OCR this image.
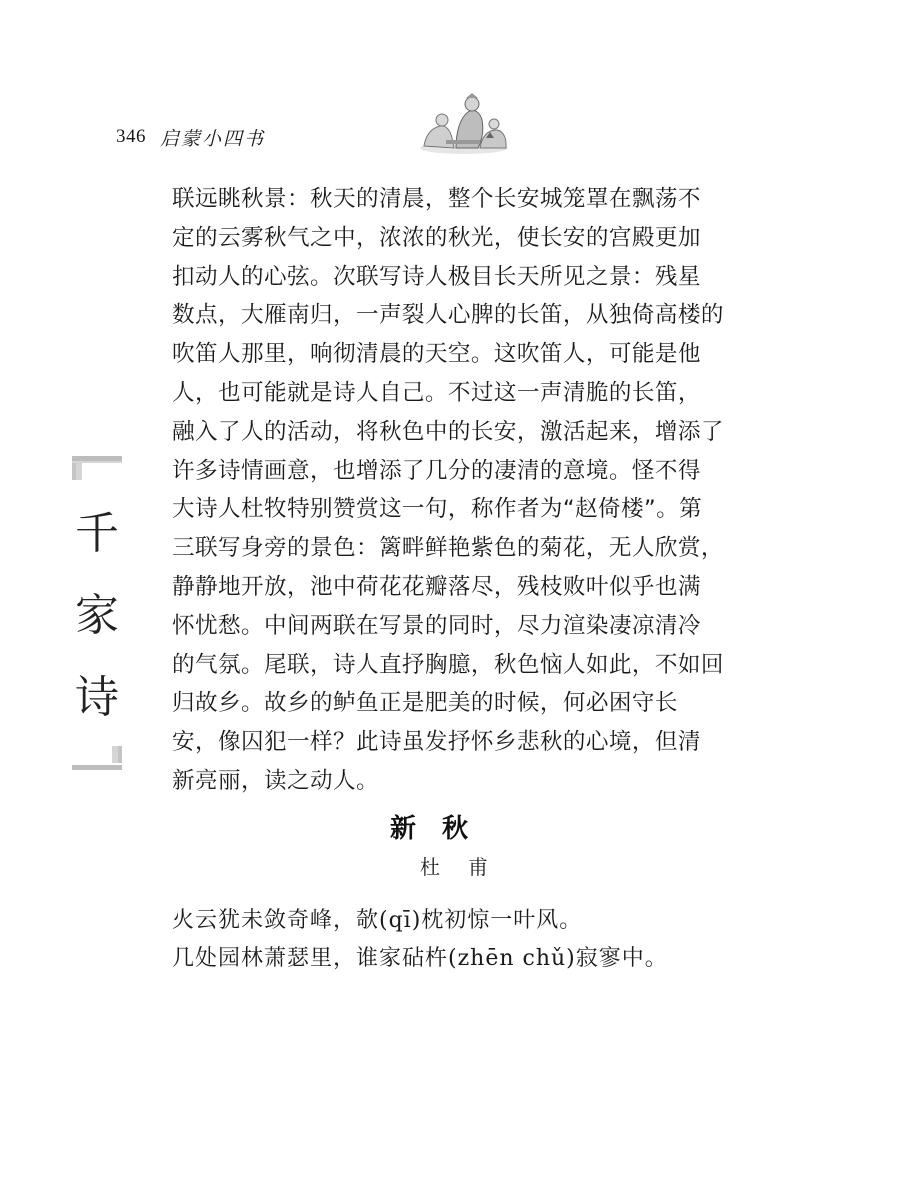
346 启蒙小四书
千
家
诗
联远眺秋景：秋天的清晨，整个长安城笼罩在飘荡不
定的云雾秋气之中，浓浓的秋光，使长安的宫殿更加
扣动人的心弦。次联写诗人极目长天所见之景：残星
数点，大雁南归，一声裂人心脾的长笛，从独倚高楼的
吹笛人那里，响彻清晨的天空。这吹笛人，可能是他
人，也可能就是诗人自己。不过这一声清脆的长笛，
融入了人的活动，将秋色中的长安，激活起来，增添了
许多诗情画意，也增添了几分的凄清的意境。怪不得
大诗人杜牧特别赞赏这一句，称作者为“赵倚楼”。第
三联写身旁的景色：篱畔鲜艳紫色的菊花，无人欣赏，
静静地开放，池中荷花花瓣落尽，残枝败叶似乎也满
怀忧愁。中间两联在写景的同时，尽力渲染凄凉清冷
的气氛。尾联，诗人直抒胸臆，秋色恼人如此，不如回
归故乡。故乡的鲈鱼正是肥美的时候，何必困守长
安，像囚犯一样？此诗虽发抒怀乡悲秋的心境，但清
新亮丽，读之动人。
新秋
杜甫
火云犹未敛奇峰，欹(qī)枕初惊一叶风。
几处园林萧瑟里，谁家砧杵(zhēn chǔ)寂寥中。
